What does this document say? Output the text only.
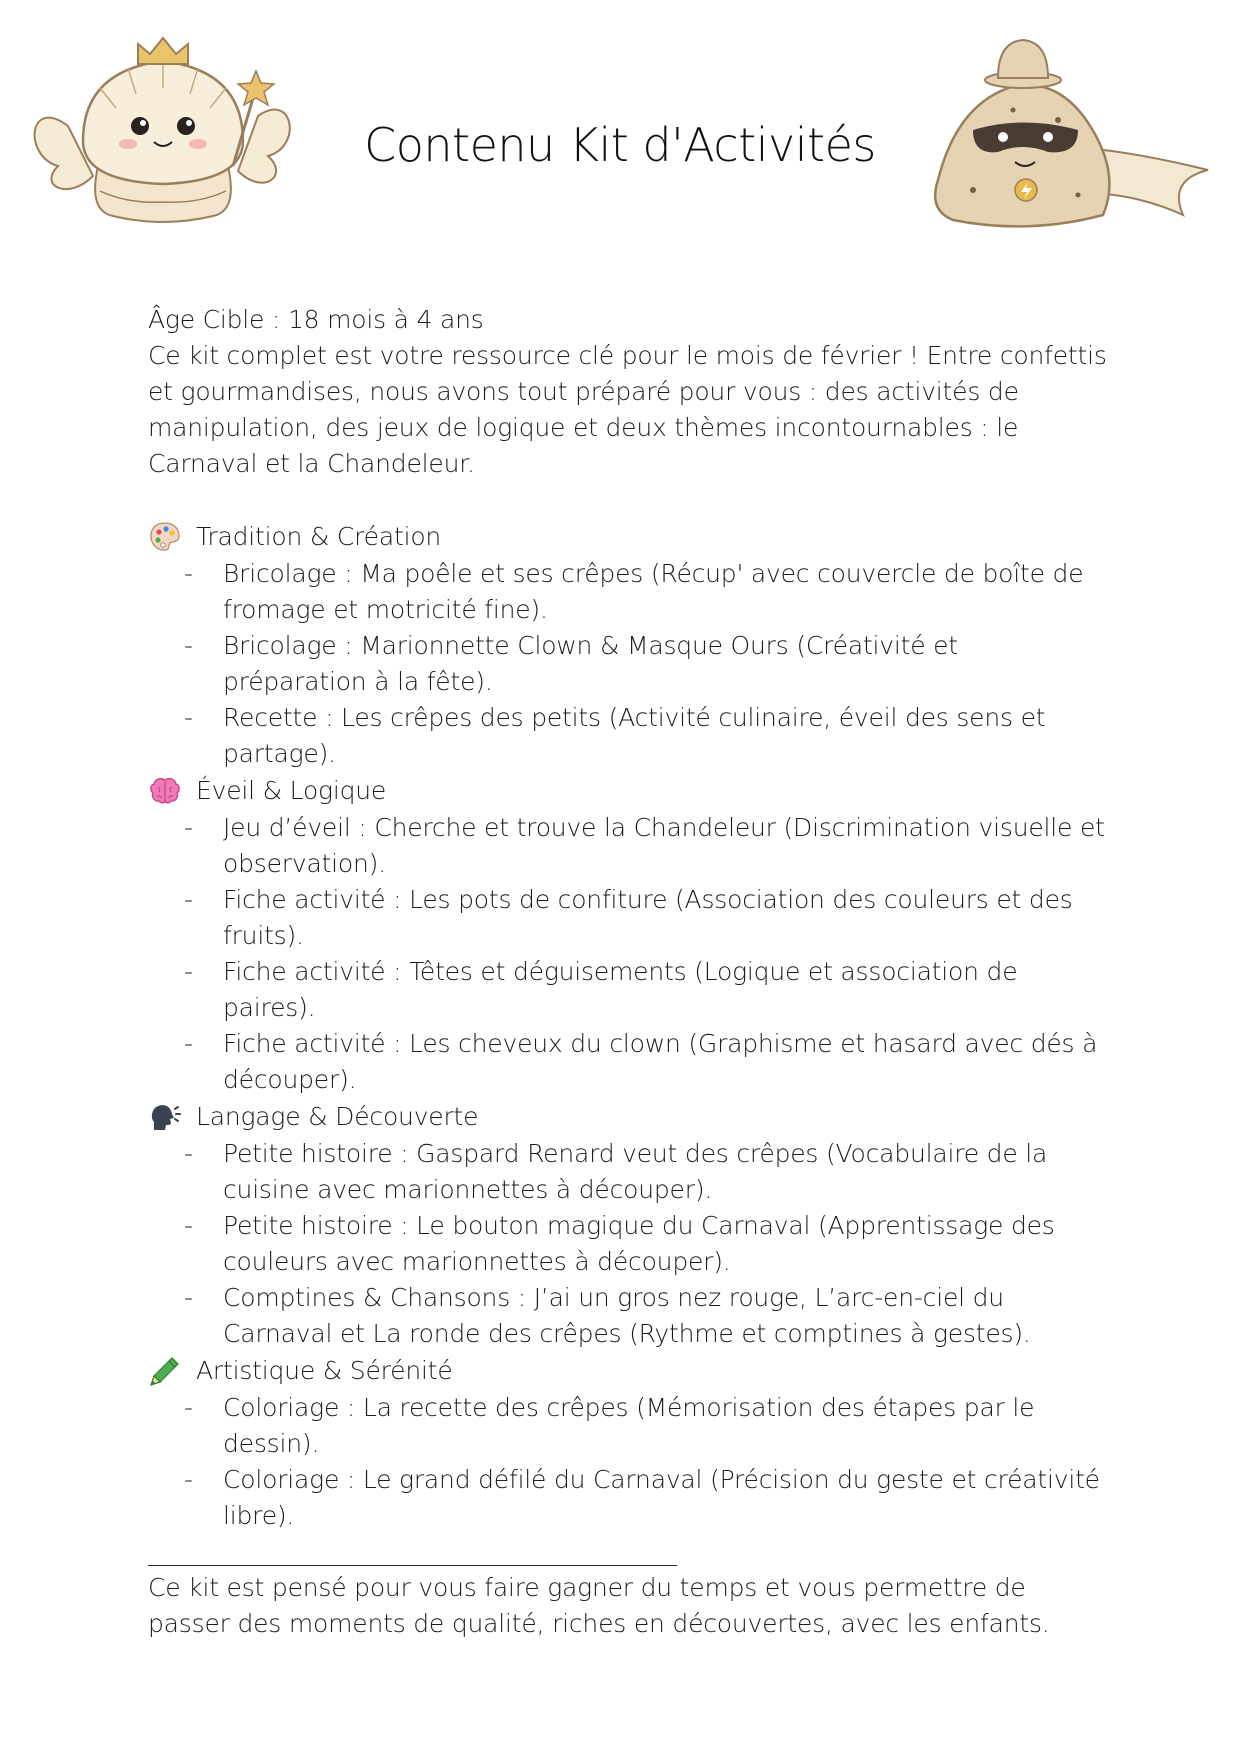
Contenu Kit d'Activités

Âge Cible : 18 mois à 4 ans

Ce kit complet est votre ressource clé pour le mois de février ! Entre confettis et gourmandises, nous avons tout préparé pour vous : des activités de manipulation, des jeux de logique et deux thèmes incontournables : le Carnaval et la Chandeleur.

Tradition & Création
- Bricolage : Ma poêle et ses crêpes (Récup' avec couvercle de boîte de fromage et motricité fine).
- Bricolage : Marionnette Clown & Masque Ours (Créativité et préparation à la fête).
- Recette : Les crêpes des petits (Activité culinaire, éveil des sens et partage).
Éveil & Logique
- Jeu d’éveil : Cherche et trouve la Chandeleur (Discrimination visuelle et observation).
- Fiche activité : Les pots de confiture (Association des couleurs et des fruits).
- Fiche activité : Têtes et déguisements (Logique et association de paires).
- Fiche activité : Les cheveux du clown (Graphisme et hasard avec dés à découper).
Langage & Découverte
- Petite histoire : Gaspard Renard veut des crêpes (Vocabulaire de la cuisine avec marionnettes à découper).
- Petite histoire : Le bouton magique du Carnaval (Apprentissage des couleurs avec marionnettes à découper).
- Comptines & Chansons : J’ai un gros nez rouge, L’arc-en-ciel du Carnaval et La ronde des crêpes (Rythme et comptines à gestes).
Artistique & Sérénité
- Coloriage : La recette des crêpes (Mémorisation des étapes par le dessin).
- Coloriage : Le grand défilé du Carnaval (Précision du geste et créativité libre).

___________________________________________

Ce kit est pensé pour vous faire gagner du temps et vous permettre de passer des moments de qualité, riches en découvertes, avec les enfants.
